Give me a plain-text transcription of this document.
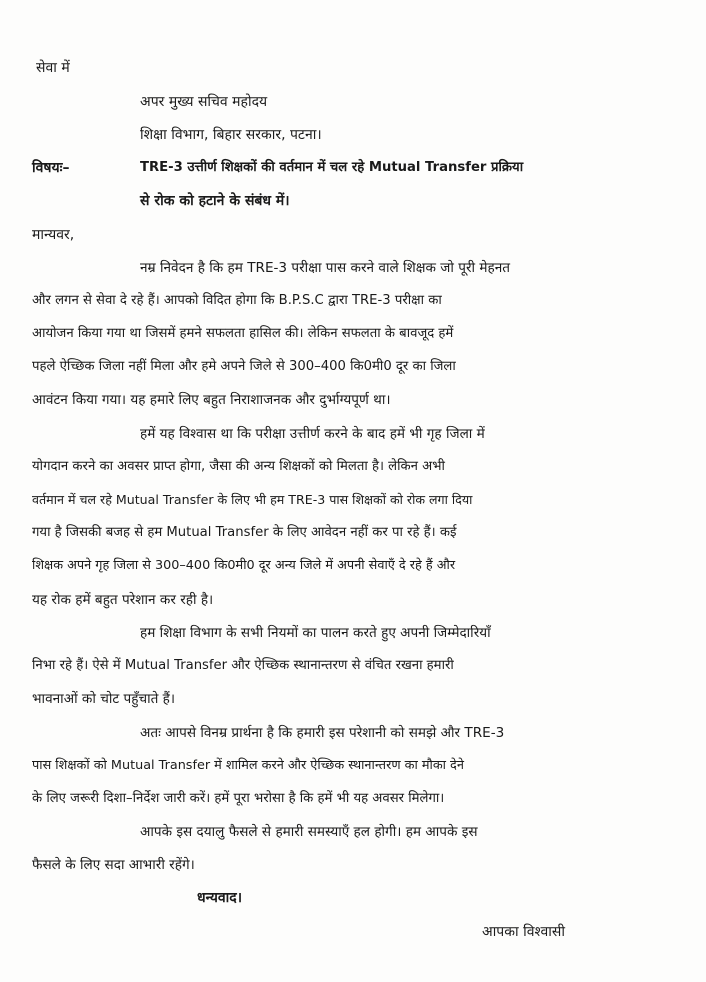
सेवा में
अपर मुख्य सचिव महोदय
शिक्षा विभाग, बिहार सरकार, पटना।
विषयः–	TRE-3 उत्तीर्ण शिक्षकों की वर्तमान में चल रहे Mutual Transfer प्रक्रिया
से रोक को हटाने के संबंध में।
मान्यवर,
नम्र निवेदन है कि हम TRE-3 परीक्षा पास करने वाले शिक्षक जो पूरी मेहनत
और लगन से सेवा दे रहे हैं। आपको विदित होगा कि B.P.S.C द्वारा TRE-3 परीक्षा का
आयोजन किया गया था जिसमें हमने सफलता हासिल की। लेकिन सफलता के बावजूद हमें
पहले ऐच्छिक जिला नहीं मिला और हमे अपने जिले से 300–400 कि0मी0 दूर का जिला
आवंटन किया गया। यह हमारे लिए बहुत निराशाजनक और दुर्भाग्यपूर्ण था।
हमें यह विश्वास था कि परीक्षा उत्तीर्ण करने के बाद हमें भी गृह जिला में
योगदान करने का अवसर प्राप्त होगा, जैसा की अन्य शिक्षकों को मिलता है। लेकिन अभी
वर्तमान में चल रहे Mutual Transfer के लिए भी हम TRE-3 पास शिक्षकों को रोक लगा दिया
गया है जिसकी बजह से हम Mutual Transfer के लिए आवेदन नहीं कर पा रहे हैं। कई
शिक्षक अपने गृह जिला से 300–400 कि0मी0 दूर अन्य जिले में अपनी सेवाएँ दे रहे हैं और
यह रोक हमें बहुत परेशान कर रही है।
हम शिक्षा विभाग के सभी नियमों का पालन करते हुए अपनी जिम्मेदारियाँ
निभा रहे हैं। ऐसे में Mutual Transfer और ऐच्छिक स्थानान्तरण से वंचित रखना हमारी
भावनाओं को चोट पहुँचाते हैं।
अतः आपसे विनम्र प्रार्थना है कि हमारी इस परेशानी को समझे और TRE-3
पास शिक्षकों को Mutual Transfer में शामिल करने और ऐच्छिक स्थानान्तरण का मौका देने
के लिए जरूरी दिशा–निर्देश जारी करें। हमें पूरा भरोसा है कि हमें भी यह अवसर मिलेगा।
आपके इस दयालु फैसले से हमारी समस्याएँ हल होगी। हम आपके इस
फैसले के लिए सदा आभारी रहेंगे।
धन्यवाद।
आपका विश्वासी
